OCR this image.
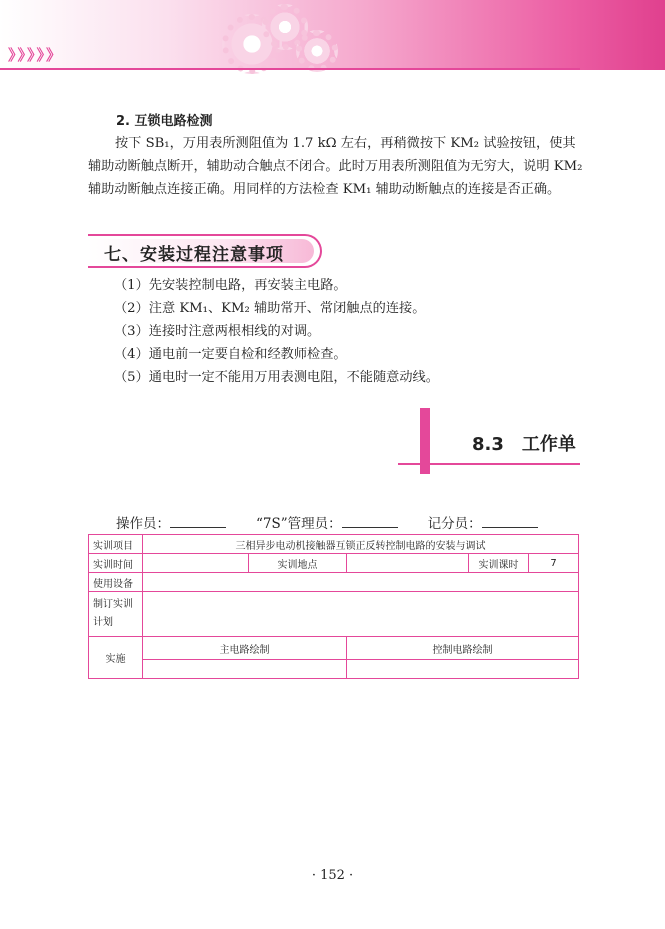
》》》》》
2. 互锁电路检测

按下 SB₁，万用表所测阻值为 1.7 kΩ 左右，再稍微按下 KM₂ 试验按钮，使其辅助动断触点断开，辅助动合触点不闭合。此时万用表所测阻值为无穷大，说明 KM₂ 辅助动断触点连接正确。用同样的方法检查 KM₁ 辅助动断触点的连接是否正确。

七、安装过程注意事项
（1）先安装控制电路，再安装主电路。
（2）注意 KM₁、KM₂ 辅助常开、常闭触点的连接。
（3）连接时注意两根相线的对调。
（4）通电前一定要自检和经教师检查。
（5）通电时一定不能用万用表测电阻，不能随意动线。
8.3 工作单
操作员：	“7S”管理员：	记分员：
实训项目	三相异步电动机接触器互锁正反转控制电路的安装与调试				
实训时间		实训地点		实训课时	7
使用设备					
制订实训计划					
实施	主电路绘制		控制电路绘制		

· 152 ·
